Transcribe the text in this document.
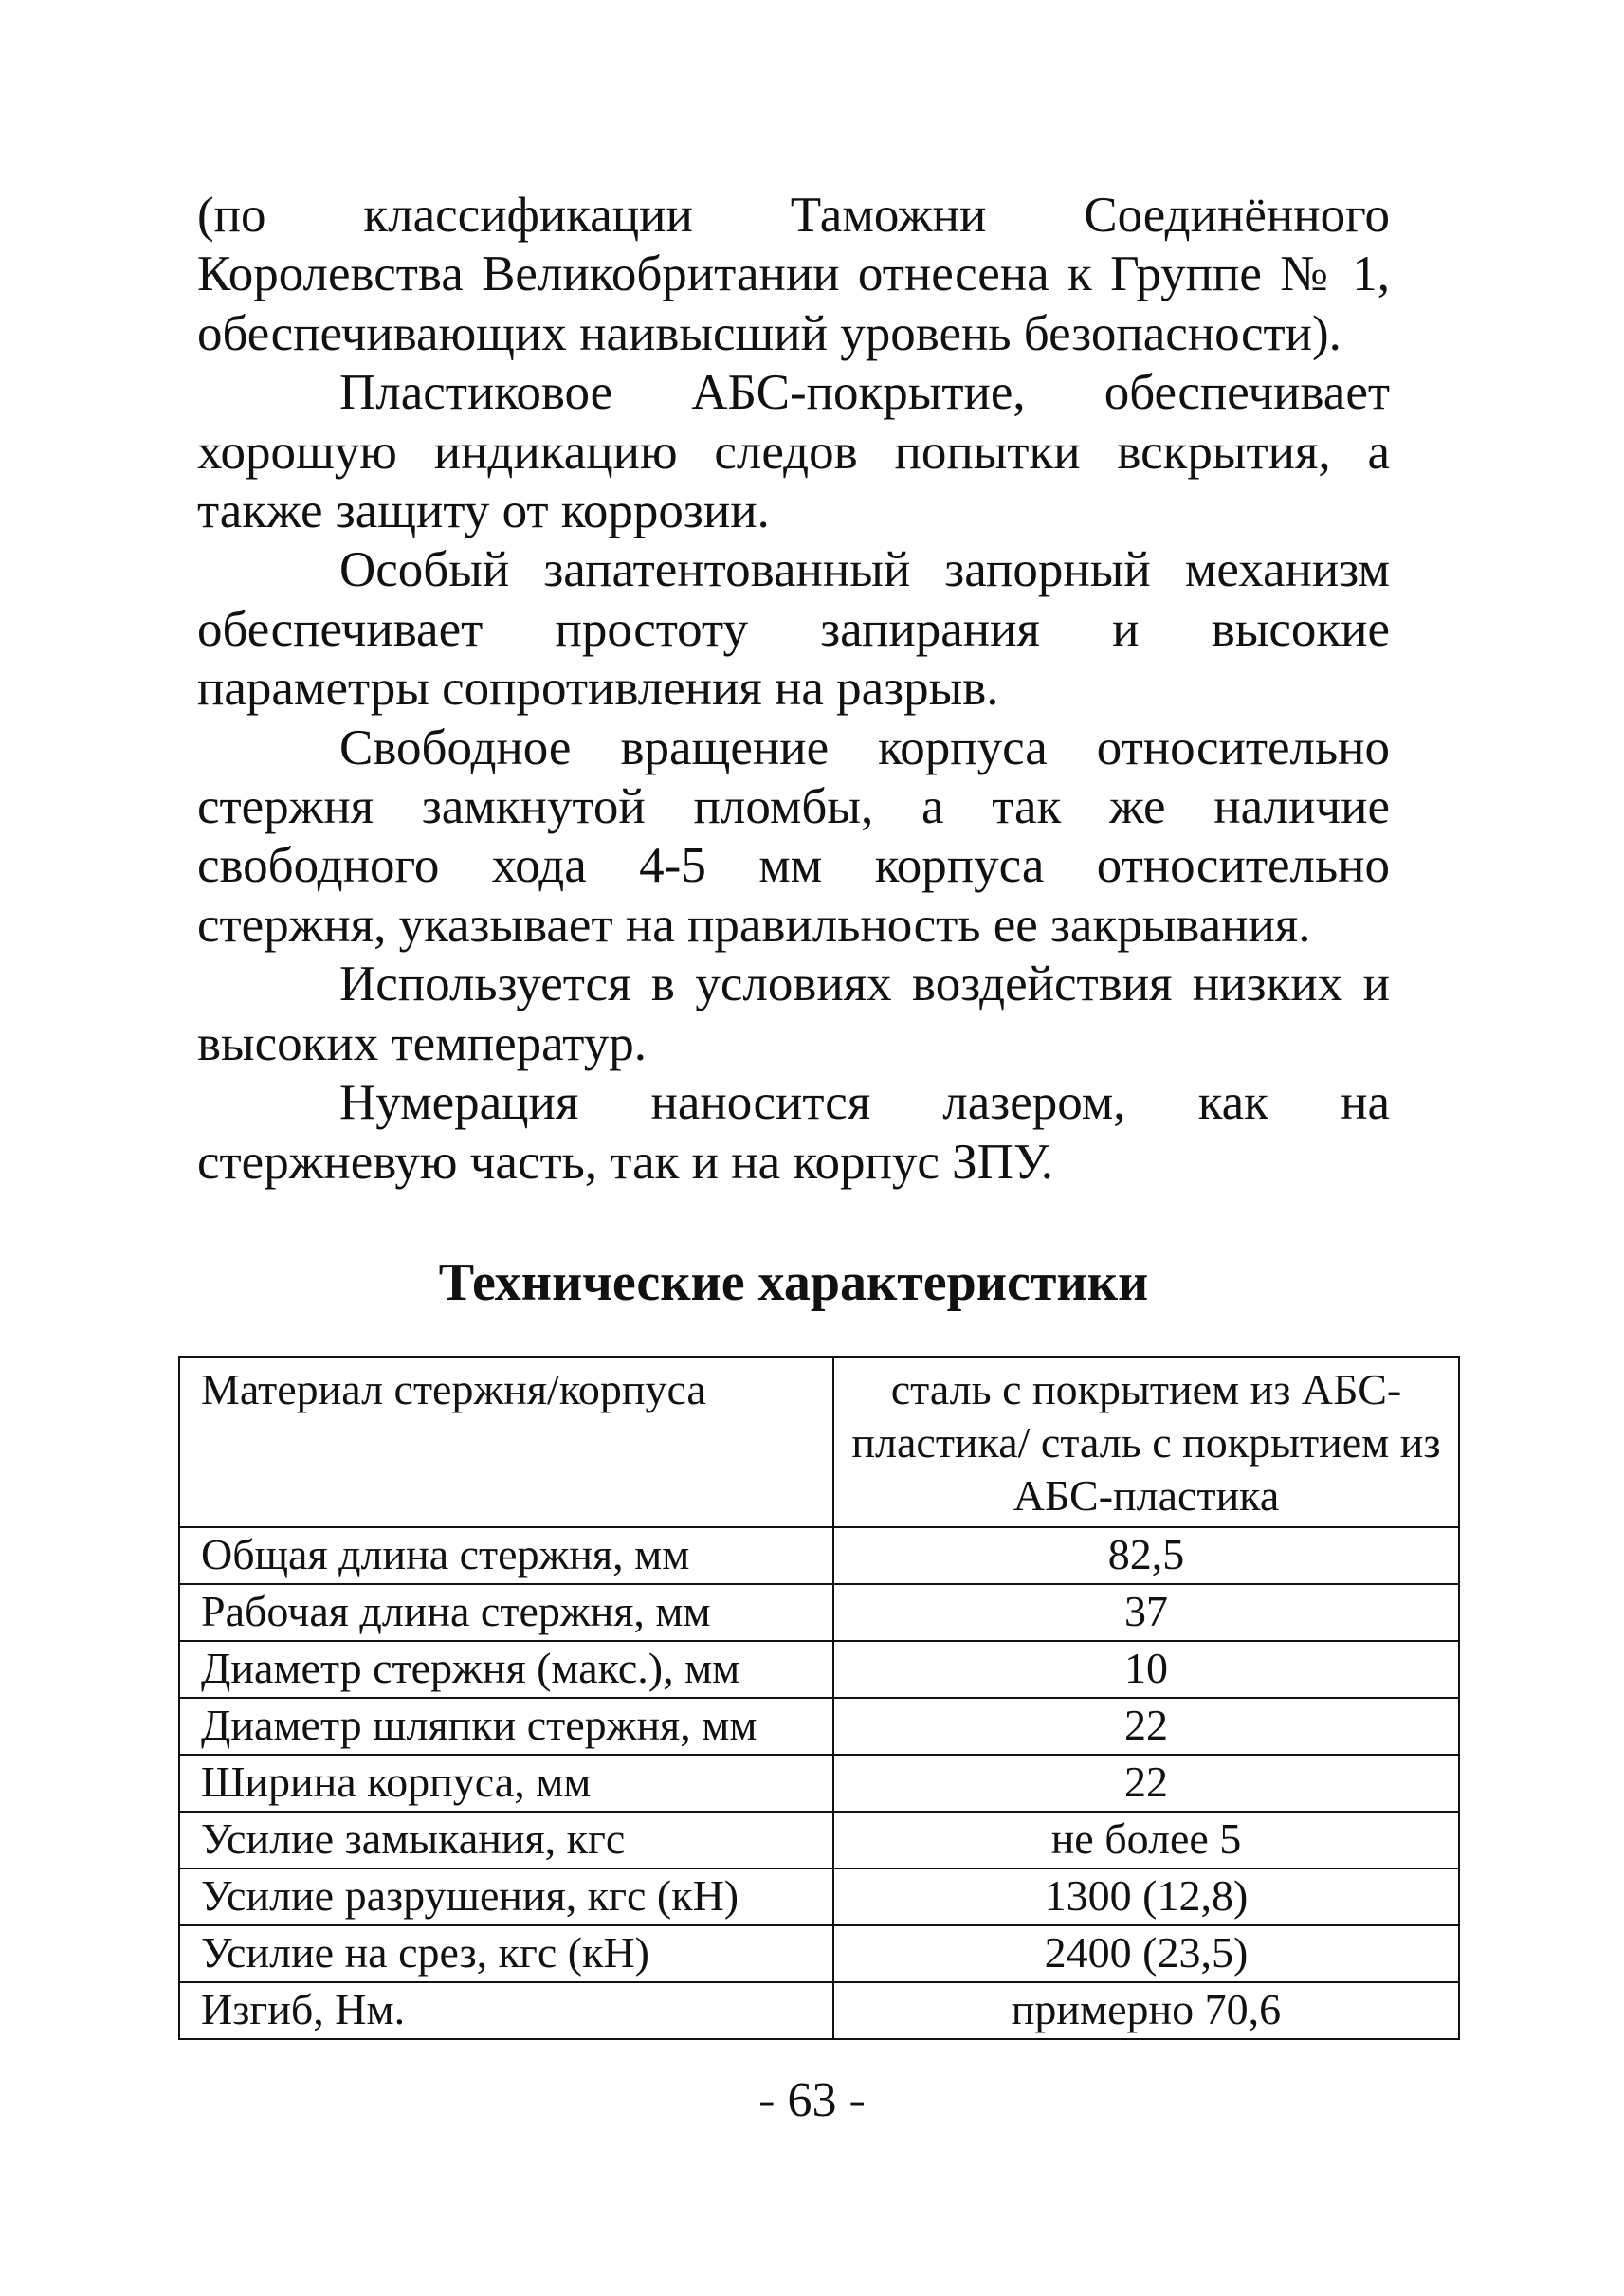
(по классификации Таможни Соединённого Королевства Великобритании отнесена к Группе № 1, обеспечивающих наивысший уровень безопасности).

Пластиковое АБС-покрытие, обеспечивает хорошую индикацию следов попытки вскрытия, а также защиту от коррозии.

Особый запатентованный запорный механизм обеспечивает простоту запирания и высокие параметры сопротивления на разрыв.

Свободное вращение корпуса относительно стержня замкнутой пломбы, а так же наличие свободного хода 4-5 мм корпуса относительно стержня, указывает на правильность ее закрывания.

Используется в условиях воздействия низких и высоких температур.

Нумерация наносится лазером, как на стержневую часть, так и на корпус ЗПУ.

Технические характеристики
Материал стержня/корпуса	сталь с покрытием из АБС-пластика/ сталь с покрытием из АБС-пластика
Общая длина стержня, мм	82,5
Рабочая длина стержня, мм	37
Диаметр стержня (макс.), мм	10
Диаметр шляпки стержня, мм	22
Ширина корпуса, мм	22
Усилие замыкания, кгс	не более 5
Усилие разрушения, кгс (кН)	1300 (12,8)
Усилие на срез, кгс (кН)	2400 (23,5)
Изгиб, Нм.	примерно 70,6
- 63 -
